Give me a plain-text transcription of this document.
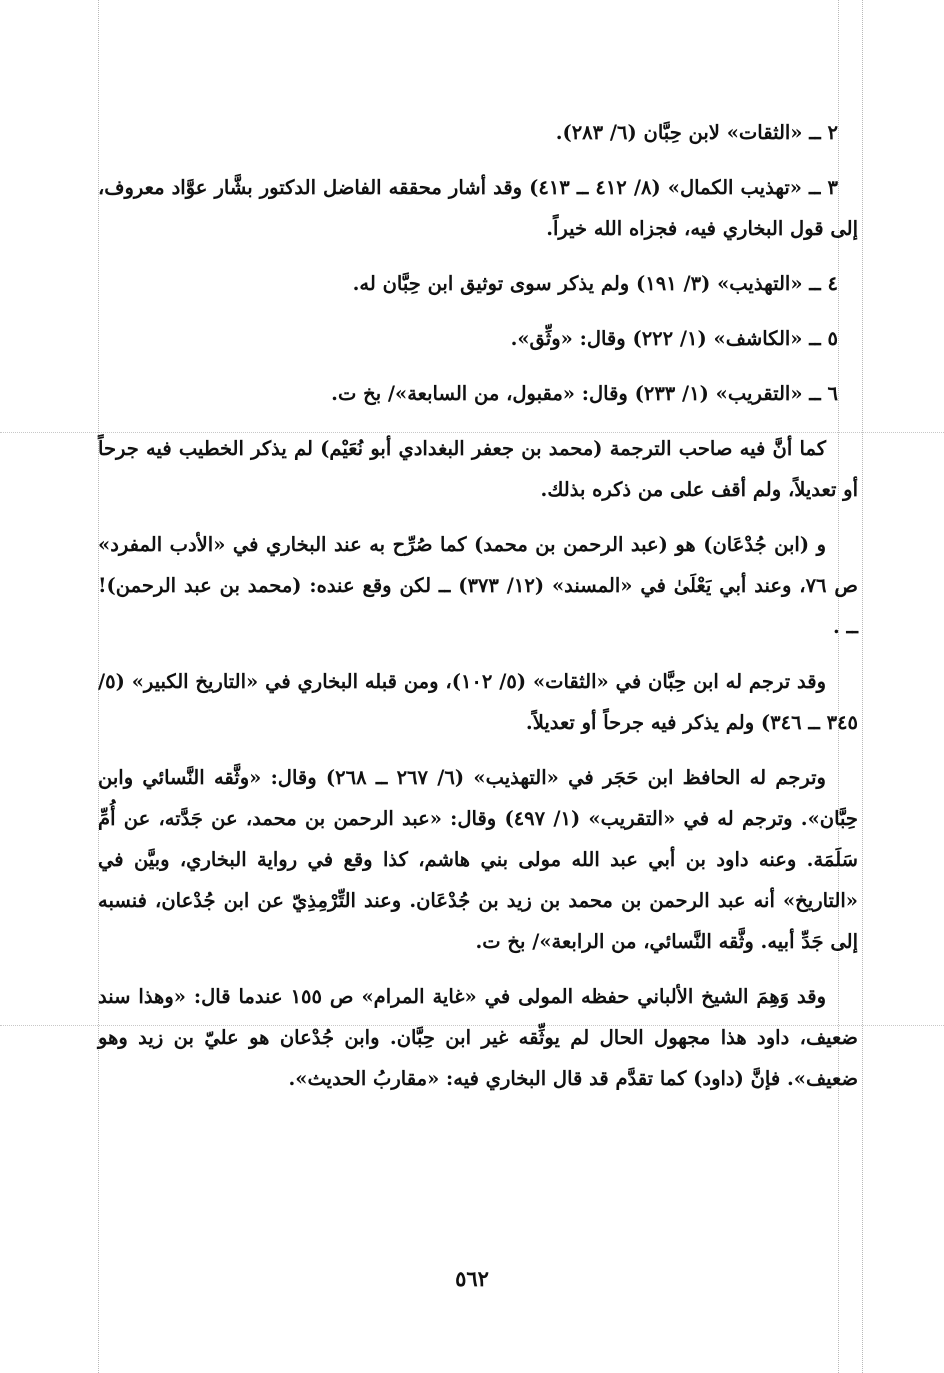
٢ ــ «الثقات» لابن حِبَّان (٦/ ٢٨٣).

٣ ــ «تهذيب الكمال» (٨/ ٤١٢ ــ ٤١٣) وقد أشار محققه الفاضل الدكتور بشَّار عوَّاد معروف، إلى قول البخاري فيه، فجزاه الله خيراً.

٤ ــ «التهذيب» (٣/ ١٩١) ولم يذكر سوى توثيق ابن حِبَّان له.

٥ ــ «الكاشف» (١/ ٢٢٢) وقال: «وثِّق».

٦ ــ «التقريب» (١/ ٢٣٣) وقال: «مقبول، من السابعة»/ بخ ت.

كما أنَّ فيه صاحب الترجمة (محمد بن جعفر البغدادي أبو نُعَيْم) لم يذكر الخطيب فيه جرحاً أو تعديلاً، ولم أقف على من ذكره بذلك.

و (ابن جُدْعَان) هو (عبد الرحمن بن محمد) كما صُرِّح به عند البخاري في «الأدب المفرد» ص ٧٦، وعند أبي يَعْلَىٰ في «المسند» (١٢/ ٣٧٣) ــ لكن وقع عنده: (محمد بن عبد الرحمن)! ــ .

وقد ترجم له ابن حِبَّان في «الثقات» (٥/ ١٠٢)، ومن قبله البخاري في «التاريخ الكبير» (٥/ ٣٤٥ ــ ٣٤٦) ولم يذكر فيه جرحاً أو تعديلاً.

وترجم له الحافظ ابن حَجَر في «التهذيب» (٦/ ٢٦٧ ــ ٢٦٨) وقال: «وثَّقه النَّسائي وابن حِبَّان». وترجم له في «التقريب» (١/ ٤٩٧) وقال: «عبد الرحمن بن محمد، عن جَدَّته، عن أُمِّ سَلَمَة. وعنه داود بن أبي عبد الله مولى بني هاشم، كذا وقع في رواية البخاري، وبيَّن في «التاريخ» أنه عبد الرحمن بن محمد بن زيد بن جُدْعَان. وعند التِّرْمِذِيّ عن ابن جُدْعان، فنسبه إلى جَدِّ أبيه. وثَّقه النَّسائي، من الرابعة»/ بخ ت.

وقد وَهِمَ الشيخ الألباني حفظه المولى في «غاية المرام» ص ١٥٥ عندما قال: «وهذا سند ضعيف، داود هذا مجهول الحال لم يوثِّقه غير ابن حِبَّان. وابن جُدْعان هو عليّ بن زيد وهو ضعيف». فإنَّ (داود) كما تقدَّم قد قال البخاري فيه: «مقاربُ الحديث».

٥٦٢
